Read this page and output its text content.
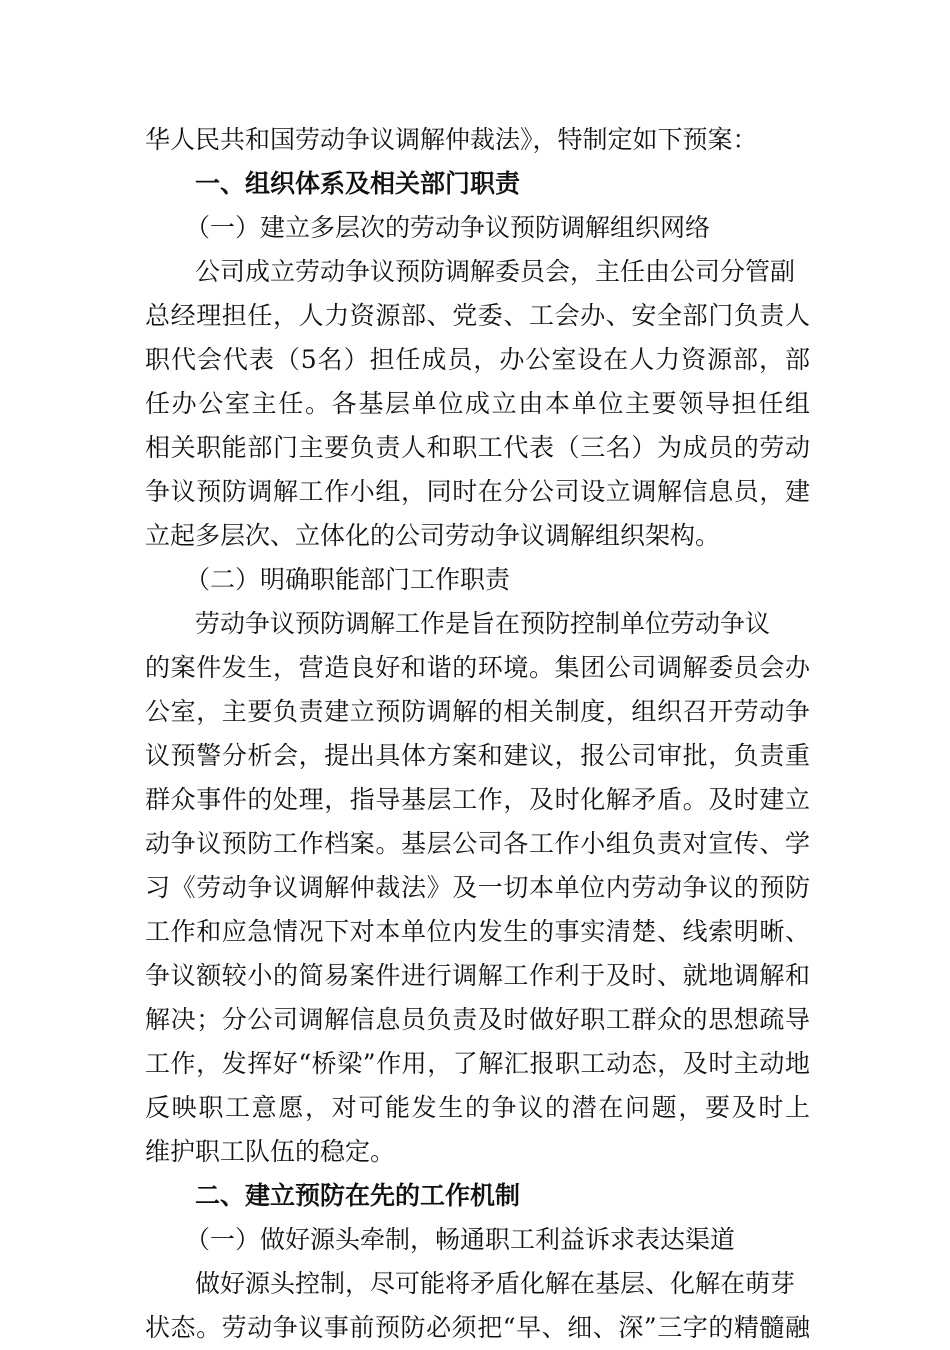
华人民共和国劳动争议调解仲裁法》，特制定如下预案：
一、组织体系及相关部门职责
（一）建立多层次的劳动争议预防调解组织网络
公司成立劳动争议预防调解委员会，主任由公司分管副
总经理担任，人力资源部、党委、工会办、安全部门负责人
职代会代表（5名）担任成员，办公室设在人力资源部，部
任办公室主任。各基层单位成立由本单位主要领导担任组
相关职能部门主要负责人和职工代表（三名）为成员的劳动
争议预防调解工作小组，同时在分公司设立调解信息员，建
立起多层次、立体化的公司劳动争议调解组织架构。
（二）明确职能部门工作职责
劳动争议预防调解工作是旨在预防控制单位劳动争议
的案件发生，营造良好和谐的环境。集团公司调解委员会办
公室，主要负责建立预防调解的相关制度，组织召开劳动争
议预警分析会，提出具体方案和建议，报公司审批，负责重
群众事件的处理，指导基层工作，及时化解矛盾。及时建立
动争议预防工作档案。基层公司各工作小组负责对宣传、学
习《劳动争议调解仲裁法》及一切本单位内劳动争议的预防
工作和应急情况下对本单位内发生的事实清楚、线索明晰、
争议额较小的简易案件进行调解工作利于及时、就地调解和
解决；分公司调解信息员负责及时做好职工群众的思想疏导
工作，发挥好“桥梁”作用，了解汇报职工动态，及时主动地
反映职工意愿，对可能发生的争议的潜在问题，要及时上
维护职工队伍的稳定。
二、建立预防在先的工作机制
（一）做好源头牵制，畅通职工利益诉求表达渠道
做好源头控制，尽可能将矛盾化解在基层、化解在萌芽
状态。劳动争议事前预防必须把“早、细、深”三字的精髓融
